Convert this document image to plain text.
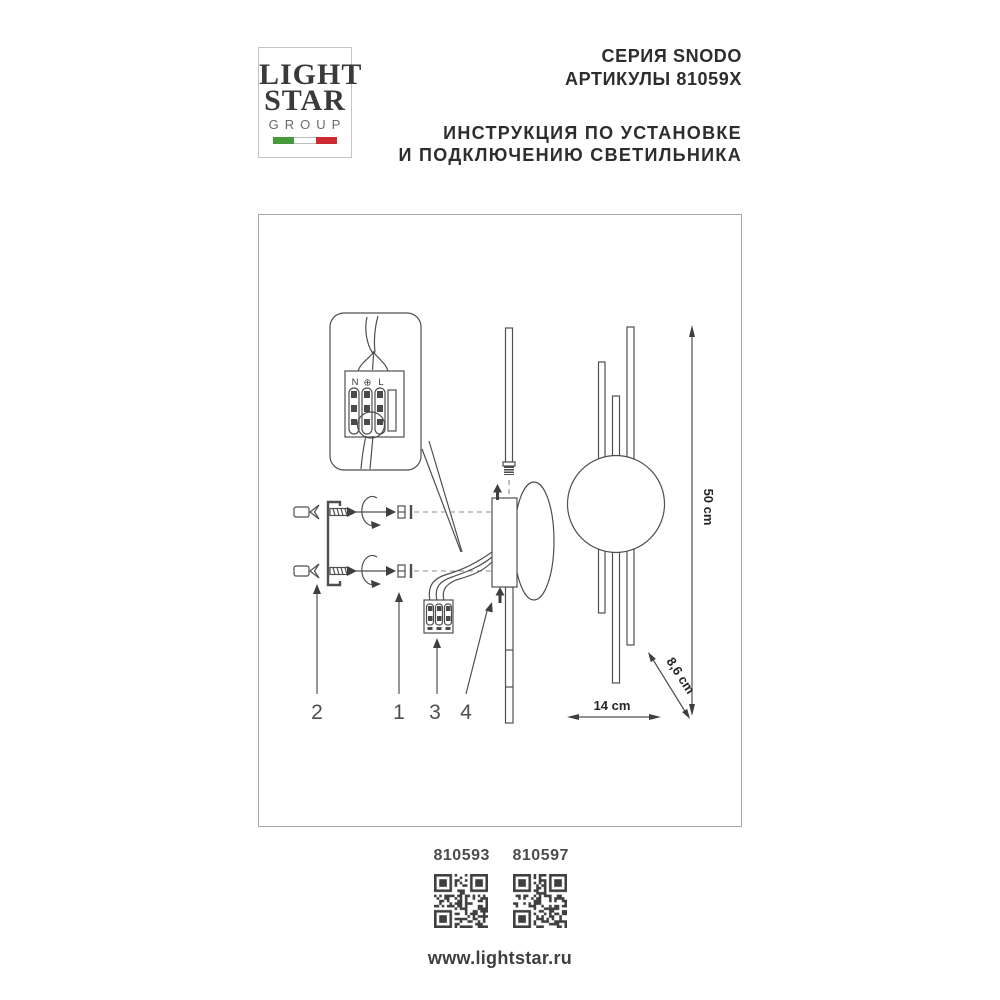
LIGHT
STAR
GROUP
СЕРИЯ SNODO
АРТИКУЛЫ 81059X
ИНСТРУКЦИЯ ПО УСТАНОВКЕ
И ПОДКЛЮЧЕНИЮ СВЕТИЛЬНИКА
N ⊕ L
2	1 3 4
50 cm
8,6 cm
14 cm
810593 810597
www.lightstar.ru
